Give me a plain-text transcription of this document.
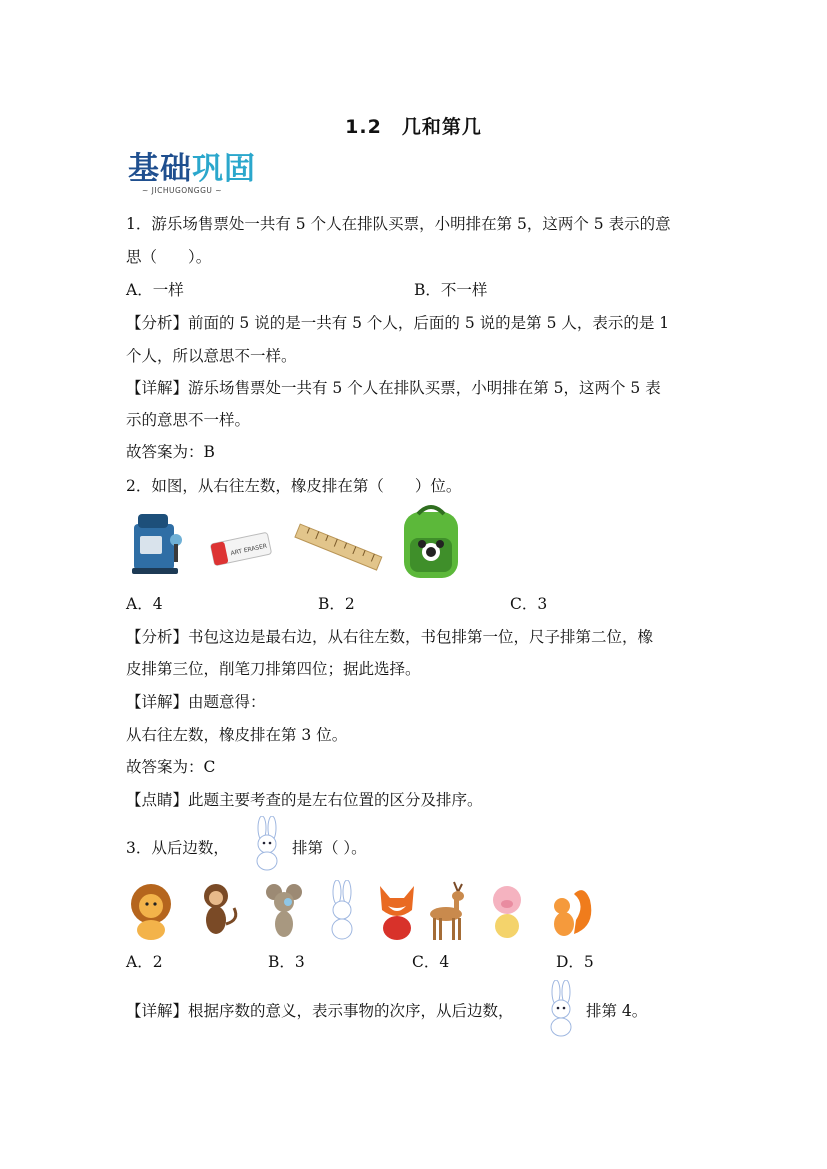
1.2　几和第几
基础巩固
~ JICHUGONGGU ~
1．游乐场售票处一共有 5 个人在排队买票，小明排在第 5，这两个 5 表示的意
思（　　）。
A．一样	B．不一样
【分析】前面的 5 说的是一共有 5 个人，后面的 5 说的是第 5 人，表示的是 1
个人，所以意思不一样。
【详解】游乐场售票处一共有 5 个人在排队买票，小明排在第 5，这两个 5 表
示的意思不一样。
故答案为：B
2．如图，从右往左数，橡皮排在第（　　）位。
ART ERASER
A．4	B．2	C．3
【分析】书包这边是最右边，从右往左数，书包排第一位，尺子排第二位，橡
皮排第三位，削笔刀排第四位；据此选择。
【详解】由题意得：
从右往左数，橡皮排在第 3 位。
故答案为：C
【点睛】此题主要考查的是左右位置的区分及排序。
3．从后边数，	排第（ ）。
A．2	B．3	C．4	D．5
【详解】根据序数的意义，表示事物的次序，从后边数，	排第 4。
